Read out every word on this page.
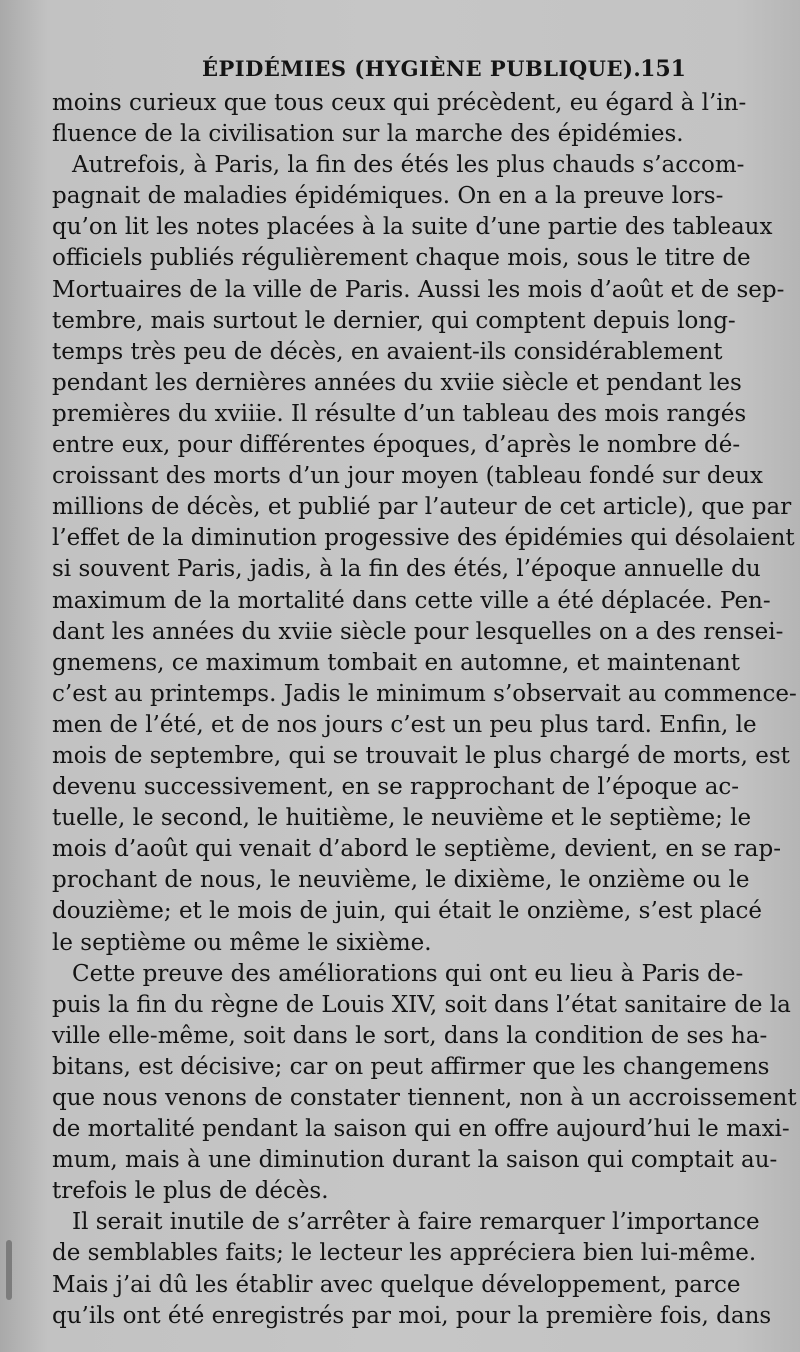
ÉPIDÉMIES (HYGIÈNE PUBLIQUE).
151
moins curieux que tous ceux qui précèdent, eu égard à l’in-
fluence de la civilisation sur la marche des épidémies.
Autrefois, à Paris, la fin des étés les plus chauds s’accom-
pagnait de maladies épidémiques. On en a la preuve lors-
qu’on lit les notes placées à la suite d’une partie des tableaux
officiels publiés régulièrement chaque mois, sous le titre de
Mortuaires de la ville de Paris. Aussi les mois d’août et de sep-
tembre, mais surtout le dernier, qui comptent depuis long-
temps très peu de décès, en avaient-ils considérablement
pendant les dernières années du xviie siècle et pendant les
premières du xviiie. Il résulte d’un tableau des mois rangés
entre eux, pour différentes époques, d’après le nombre dé-
croissant des morts d’un jour moyen (tableau fondé sur deux
millions de décès, et publié par l’auteur de cet article), que par
l’effet de la diminution progessive des épidémies qui désolaient
si souvent Paris, jadis, à la fin des étés, l’époque annuelle du
maximum de la mortalité dans cette ville a été déplacée. Pen-
dant les années du xviie siècle pour lesquelles on a des rensei-
gnemens, ce maximum tombait en automne, et maintenant
c’est au printemps. Jadis le minimum s’observait au commence-
men de l’été, et de nos jours c’est un peu plus tard. Enfin, le
mois de septembre, qui se trouvait le plus chargé de morts, est
devenu successivement, en se rapprochant de l’époque ac-
tuelle, le second, le huitième, le neuvième et le septième; le
mois d’août qui venait d’abord le septième, devient, en se rap-
prochant de nous, le neuvième, le dixième, le onzième ou le
douzième; et le mois de juin, qui était le onzième, s’est placé
le septième ou même le sixième.
Cette preuve des améliorations qui ont eu lieu à Paris de-
puis la fin du règne de Louis XIV, soit dans l’état sanitaire de la
ville elle-même, soit dans le sort, dans la condition de ses ha-
bitans, est décisive; car on peut affirmer que les changemens
que nous venons de constater tiennent, non à un accroissement
de mortalité pendant la saison qui en offre aujourd’hui le maxi-
mum, mais à une diminution durant la saison qui comptait au-
trefois le plus de décès.
Il serait inutile de s’arrêter à faire remarquer l’importance
de semblables faits; le lecteur les appréciera bien lui-même.
Mais j’ai dû les établir avec quelque développement, parce
qu’ils ont été enregistrés par moi, pour la première fois, dans
